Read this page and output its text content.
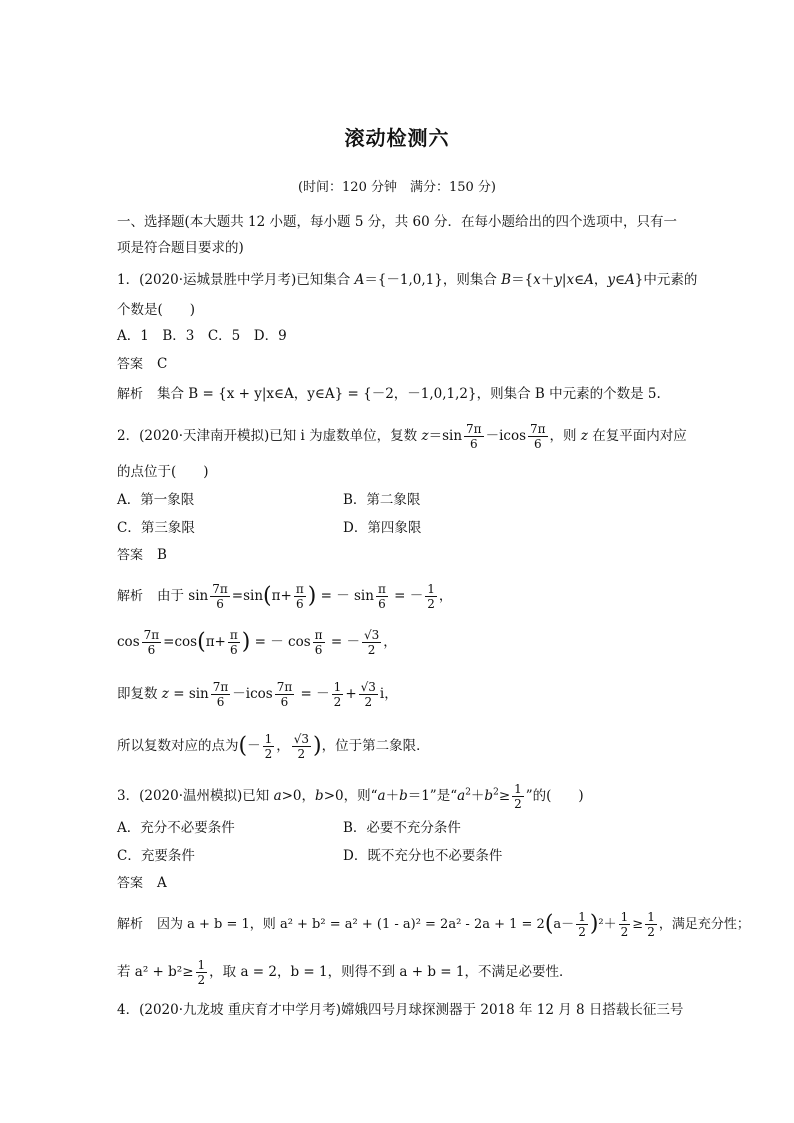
滚动检测六
(时间：120 分钟　满分：150 分)
一、选择题(本大题共 12 小题，每小题 5 分，共 60 分．在每小题给出的四个选项中，只有一
项是符合题目要求的)
1．(2020·运城景胜中学月考)已知集合 A＝{－1,0,1}，则集合 B＝{x＋y|x∈A，y∈A}中元素的
个数是(　　)
A．1　B．3　C．5　D．9
答案 C
解析 集合 B = {x + y|x∈A，y∈A} = {－2，－1,0,1,2}，则集合 B 中元素的个数是 5.
2．(2020·天津南开模拟)已知 i 为虚数单位，复数 $z=\sin \frac{7\pi}{6} -icos \frac{7\pi}{6}$ ，则 z 在复平面内对应
的点位于(　　)
A．第一象限	B．第二象限
C．第三象限	D．第四象限
答案 B
解析 由于 $\sin \frac{7\pi}{6} =\sin(\pi+ \frac{\pi}{6}$ ) = － $\sin \frac{\pi}{6}$ = － $\frac{1}{2}$ ，
$\cos \frac{7\pi}{6} =\cos(\pi+ \frac{\pi}{6}$ ) = － $\cos \frac{\pi}{6}$ = － $\frac{√3}{2}$ ，
即复数 $z = \sin \frac{7\pi}{6} -icos \frac{7\pi}{6}$ = － $\frac{1}{2} + \frac{√3}{2}$ i，
所以复数对应的点为(－ $\frac{1}{2}$ ， $\frac{√3}{2}$ )，位于第二象限．
3．(2020·温州模拟)已知 a>0，b>0，则“a＋b＝1”是“$a^2+b^2\ge \frac{1}{2}$ ”的(　　)
A．充分不必要条件	B．必要不充分条件
C．充要条件	D．既不充分也不必要条件
答案 A
解析 因为 a + b = 1，则 $a^2 + b^2 = a^2 + (1 - a)^2 = 2a^2 - 2a + 1 = 2(a- \frac{1}{2} )^2+ \frac{1}{2} \ge \frac{1}{2}$ ，满足充分性；
若 $a^2 + b^2\ge \frac{1}{2}$ ，取 a = 2，b = 1，则得不到 a + b = 1，不满足必要性．
4．(2020·九龙坡 重庆育才中学月考)嫦娥四号月球探测器于 2018 年 12 月 8 日搭载长征三号
